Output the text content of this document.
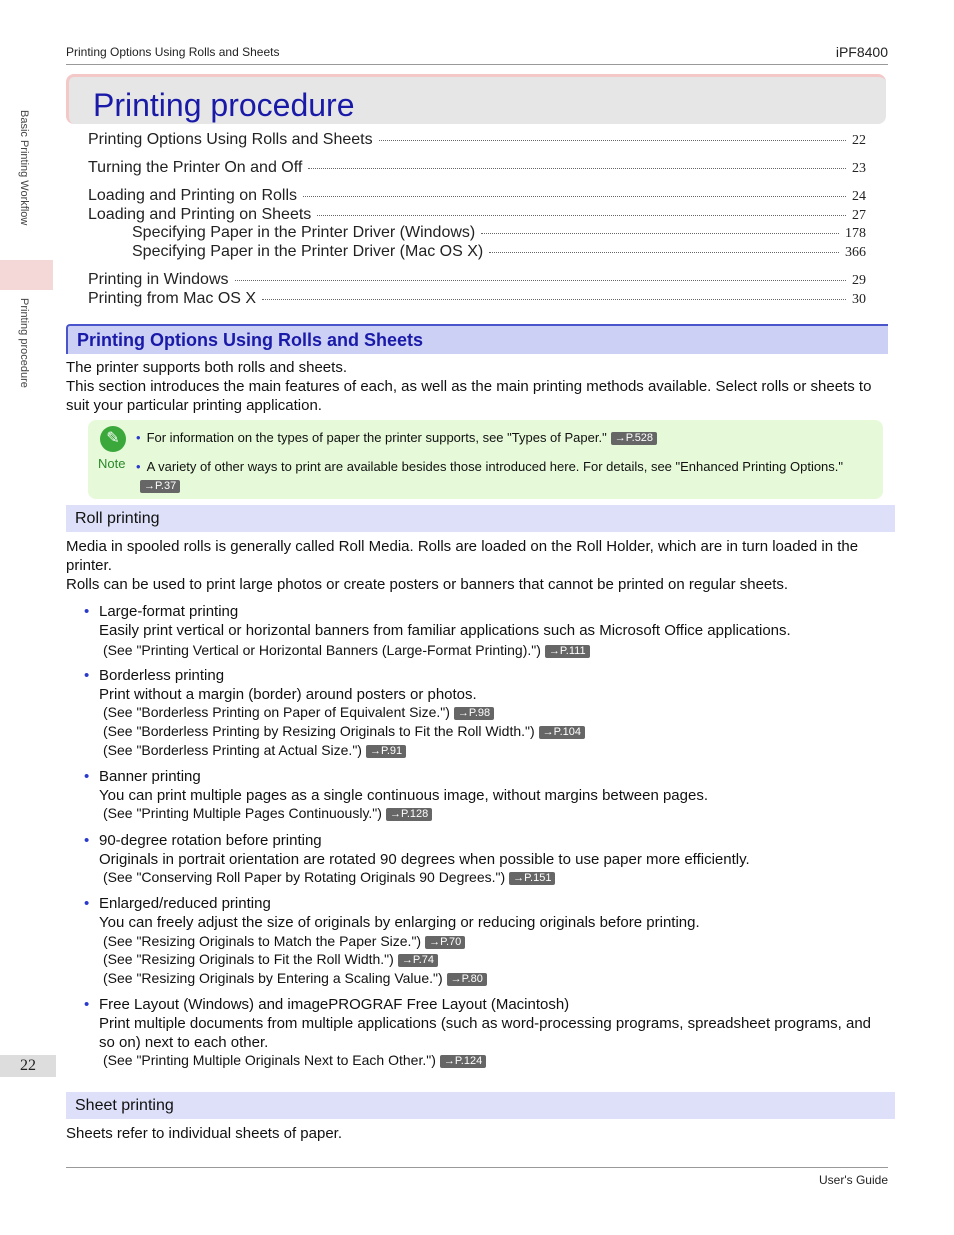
Printing Options Using Rolls and Sheets	iPF8400
Basic Printing Workflow
Printing procedure
22
Printing procedure
Printing Options Using Rolls and Sheets	22
Turning the Printer On and Off	23
Loading and Printing on Rolls	24
Loading and Printing on Sheets	27
Specifying Paper in the Printer Driver (Windows)	178
Specifying Paper in the Printer Driver (Mac OS X)	366
Printing in Windows	29
Printing from Mac OS X	30
Printing Options Using Rolls and Sheets
The printer supports both rolls and sheets.
This section introduces the main features of each, as well as the main printing methods available. Select rolls or sheets to suit your particular printing application.
✎
Note
• For information on the types of paper the printer supports, see "Types of Paper." →P.528
• A variety of other ways to print are available besides those introduced here. For details, see "Enhanced Printing Options."→P.37
Roll printing
Media in spooled rolls is generally called Roll Media. Rolls are loaded on the Roll Holder, which are in turn loaded in the printer.
Rolls can be used to print large photos or create posters or banners that cannot be printed on regular sheets.
• Large-format printing
Easily print vertical or horizontal banners from familiar applications such as Microsoft Office applications.
(See "Printing Vertical or Horizontal Banners (Large-Format Printing).") →P.111
• Borderless printing
Print without a margin (border) around posters or photos.
(See "Borderless Printing on Paper of Equivalent Size.") →P.98
(See "Borderless Printing by Resizing Originals to Fit the Roll Width.") →P.104
(See "Borderless Printing at Actual Size.") →P.91
• Banner printing
You can print multiple pages as a single continuous image, without margins between pages.
(See "Printing Multiple Pages Continuously.") →P.128
• 90-degree rotation before printing
Originals in portrait orientation are rotated 90 degrees when possible to use paper more efficiently.
(See "Conserving Roll Paper by Rotating Originals 90 Degrees.") →P.151
• Enlarged/reduced printing
You can freely adjust the size of originals by enlarging or reducing originals before printing.
(See "Resizing Originals to Match the Paper Size.") →P.70
(See "Resizing Originals to Fit the Roll Width.") →P.74
(See "Resizing Originals by Entering a Scaling Value.") →P.80
• Free Layout (Windows) and imagePROGRAF Free Layout (Macintosh)
Print multiple documents from multiple applications (such as word-processing programs, spreadsheet programs, and so on) next to each other.
(See "Printing Multiple Originals Next to Each Other.") →P.124
Sheet printing
Sheets refer to individual sheets of paper.
User's Guide
